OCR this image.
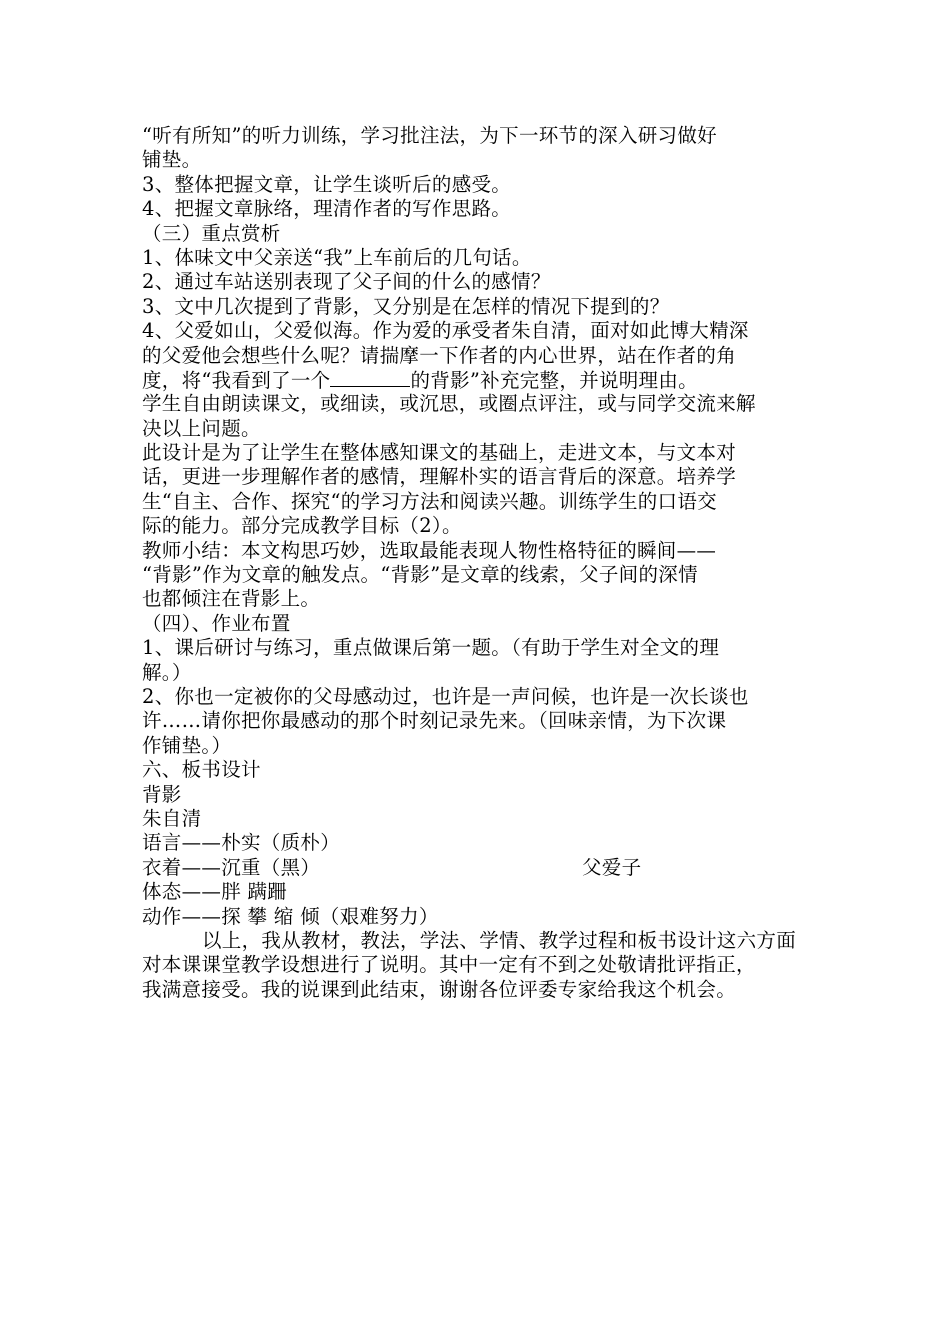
“听有所知”的听力训练，学习批注法，为下一环节的深入研习做好
铺垫。
3、整体把握文章，让学生谈听后的感受。
4、把握文章脉络，理清作者的写作思路。
（三）重点赏析
1、体味文中父亲送“我”上车前后的几句话。
2、通过车站送别表现了父子间的什么的感情？
3、文中几次提到了背影，又分别是在怎样的情况下提到的？
4、父爱如山，父爱似海。作为爱的承受者朱自清，面对如此博大精深
的父爱他会想些什么呢？请揣摩一下作者的内心世界，站在作者的角
度，将“我看到了一个	的背影”补充完整，并说明理由。
学生自由朗读课文，或细读，或沉思，或圈点评注，或与同学交流来解
决以上问题。
此设计是为了让学生在整体感知课文的基础上，走进文本，与文本对
话，更进一步理解作者的感情，理解朴实的语言背后的深意。培养学
生“自主、合作、探究“的学习方法和阅读兴趣。训练学生的口语交
际的能力。部分完成教学目标（2）。
教师小结：本文构思巧妙，选取最能表现人物性格特征的瞬间——
“背影”作为文章的触发点。“背影”是文章的线索，父子间的深情
也都倾注在背影上。
（四）、作业布置
1、课后研讨与练习，重点做课后第一题。（有助于学生对全文的理
解。）
2、你也一定被你的父母感动过，也许是一声问候，也许是一次长谈也
许……请你把你最感动的那个时刻记录先来。（回味亲情，为下次课
作铺垫。）
六、板书设计
背影
朱自清
语言——朴实（质朴）
衣着——沉重（黑）	父爱子
体态——胖 蹒跚
动作——探 攀 缩 倾（艰难努力）
以上，我从教材，教法，学法、学情、教学过程和板书设计这六方面
对本课课堂教学设想进行了说明。其中一定有不到之处敬请批评指正，
我满意接受。我的说课到此结束，谢谢各位评委专家给我这个机会。
